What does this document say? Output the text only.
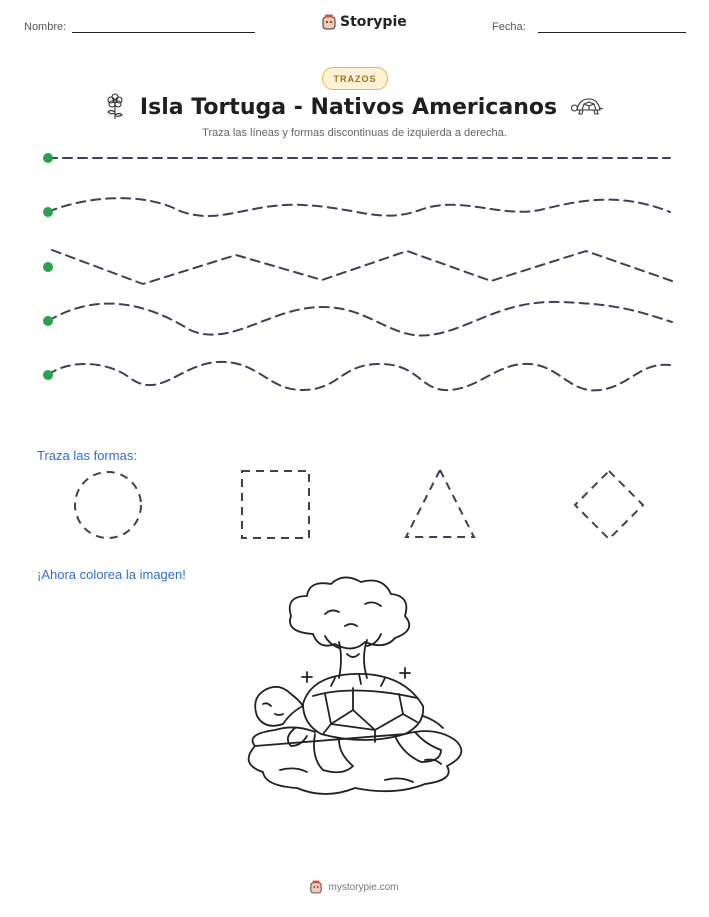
Nombre:	Storypie	Fecha:
TRAZOS
Isla Tortuga - Nativos Americanos
Traza las líneas y formas discontinuas de izquierda a derecha.
Traza las formas:
¡Ahora colorea la imagen!
mystorypie.com
